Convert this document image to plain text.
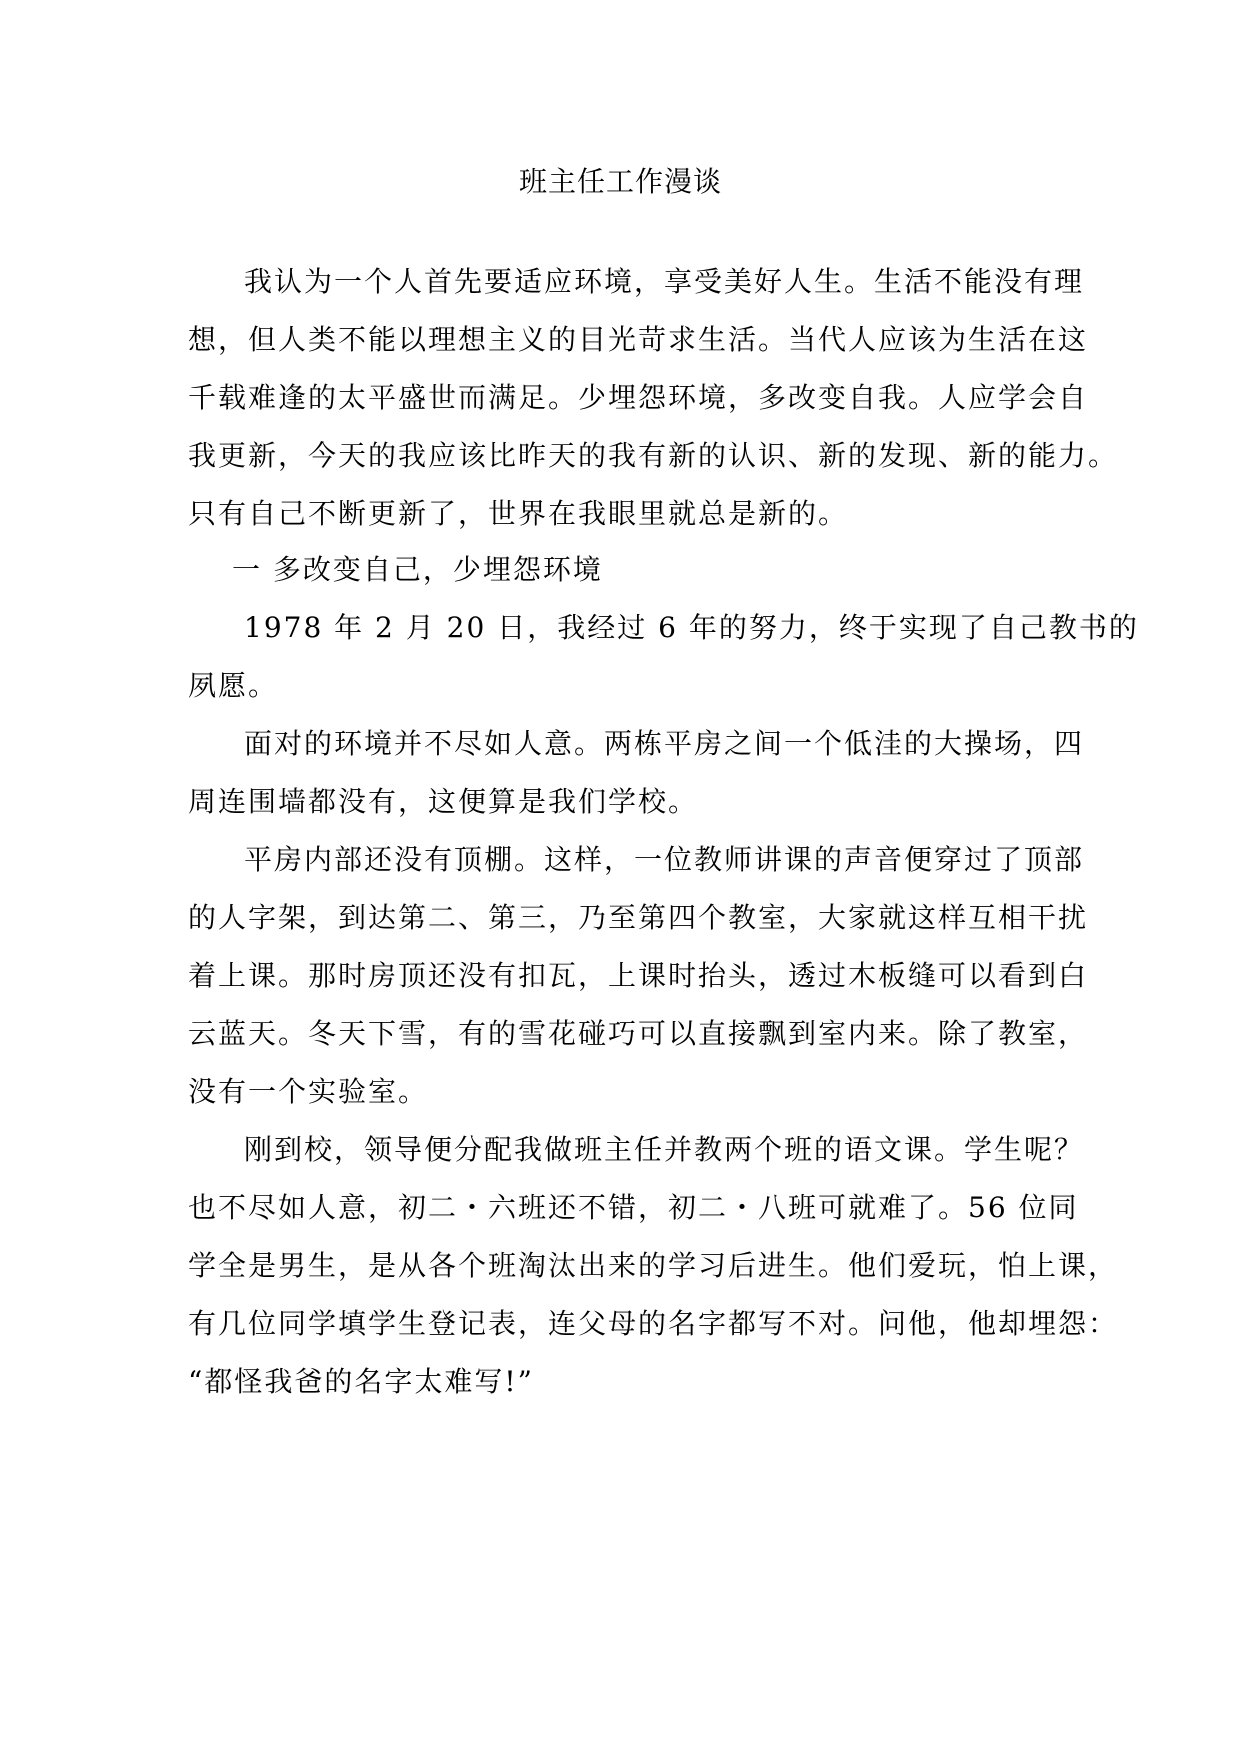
班主任工作漫谈
我认为一个人首先要适应环境，享受美好人生。生活不能没有理
想，但人类不能以理想主义的目光苛求生活。当代人应该为生活在这
千载难逢的太平盛世而满足。少埋怨环境，多改变自我。人应学会自
我更新，今天的我应该比昨天的我有新的认识、新的发现、新的能力。
只有自己不断更新了，世界在我眼里就总是新的。
一 多改变自己，少埋怨环境
1978 年 2 月 20 日，我经过 6 年的努力，终于实现了自己教书的
夙愿。
面对的环境并不尽如人意。两栋平房之间一个低洼的大操场，四
周连围墙都没有，这便算是我们学校。
平房内部还没有顶棚。这样，一位教师讲课的声音便穿过了顶部
的人字架，到达第二、第三，乃至第四个教室，大家就这样互相干扰
着上课。那时房顶还没有扣瓦，上课时抬头，透过木板缝可以看到白
云蓝天。冬天下雪，有的雪花碰巧可以直接飘到室内来。除了教室，
没有一个实验室。
刚到校，领导便分配我做班主任并教两个班的语文课。学生呢？
也不尽如人意，初二・六班还不错，初二・八班可就难了。56 位同
学全是男生，是从各个班淘汰出来的学习后进生。他们爱玩，怕上课，
有几位同学填学生登记表，连父母的名字都写不对。问他，他却埋怨：
“都怪我爸的名字太难写!”
